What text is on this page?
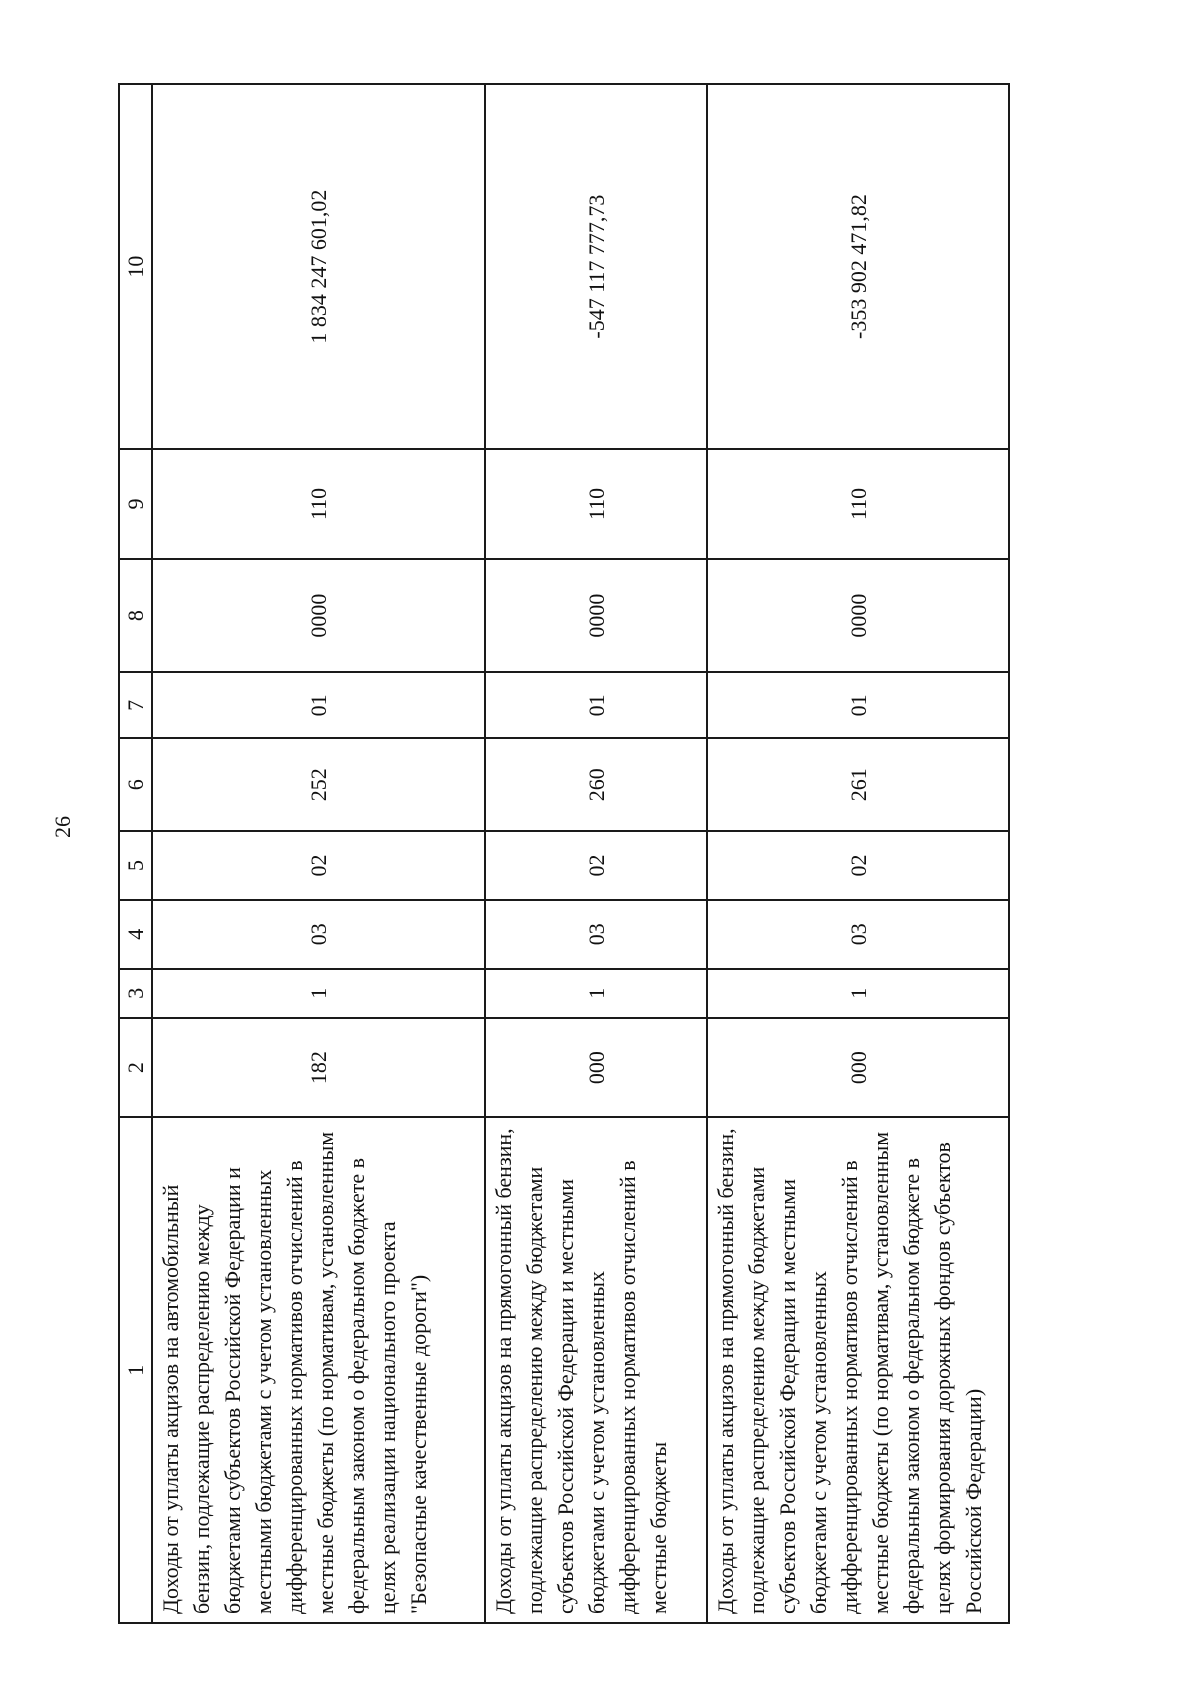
26
1	2	3	4	5	6	7	8	9	10
Доходы от уплаты акцизов на автомобильный бензин, подлежащие распределению между бюджетами субъектов Российской Федерации и местными бюджетами с учетом установленных дифференцированных нормативов отчислений в местные бюджеты (по нормативам, установленным федеральным законом о федеральном бюджете в целях реализации национального проекта "Безопасные качественные дороги")	182	1	03	02	252	01	0000	110	1 834 247 601,02
Доходы от уплаты акцизов на прямогонный бензин, подлежащие распределению между бюджетами субъектов Российской Федерации и местными бюджетами с учетом установленных дифференцированных нормативов отчислений в местные бюджеты	000	1	03	02	260	01	0000	110	-547 117 777,73
Доходы от уплаты акцизов на прямогонный бензин, подлежащие распределению между бюджетами субъектов Российской Федерации и местными бюджетами с учетом установленных дифференцированных нормативов отчислений в местные бюджеты (по нормативам, установленным федеральным законом о федеральном бюджете в целях формирования дорожных фондов субъектов Российской Федерации)	000	1	03	02	261	01	0000	110	-353 902 471,82
